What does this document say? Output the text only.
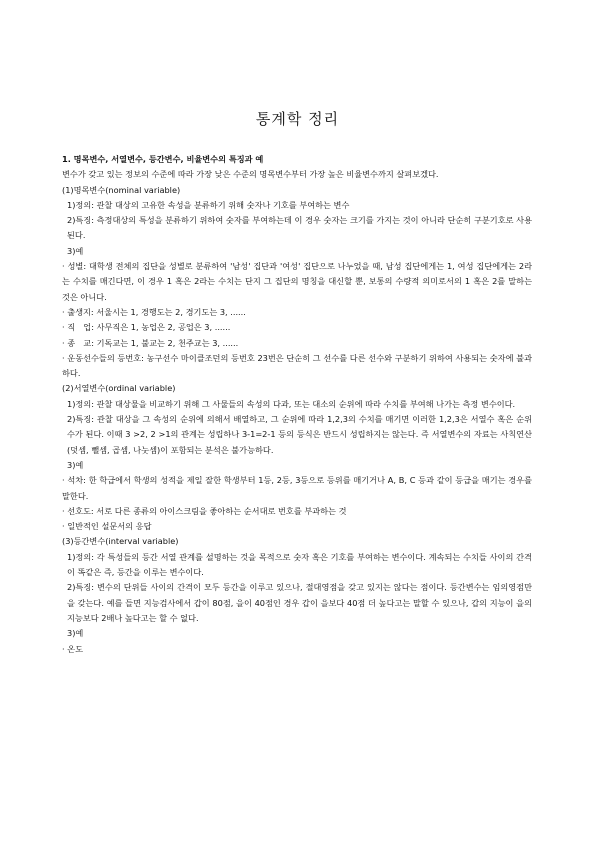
통계학 정리

1. 명목변수, 서열변수, 등간변수, 비율변수의 특징과 예

변수가 갖고 있는 정보의 수준에 따라 가장 낮은 수준의 명목변수부터 가장 높은 비율변수까지 살펴보겠다.

(1)명목변수(nominal variable)

1)정의: 관찰 대상의 고유한 속성을 분류하기 위해 숫자나 기호를 부여하는 변수

2)특징: 측정대상의 특성을 분류하기 위하여 숫자를 부여하는데 이 경우 숫자는 크기를 가지는 것이 아니라 단순히 구분기호로 사용된다.

3)예

· 성별: 대학생 전체의 집단을 성별로 분류하여 '남성' 집단과 '여성' 집단으로 나누었을 때, 남성 집단에게는 1, 여성 집단에게는 2라는 수치를 매긴다면, 이 경우 1 혹은 2라는 수치는 단지 그 집단의 명칭을 대신할 뿐, 보통의 수량적 의미로서의 1 혹은 2를 말하는 것은 아니다.

· 출생지: 서울시는 1, 경행도는 2, 경기도는 3, ......

· 직　업: 사무직은 1, 농업은 2, 공업은 3, ......

· 종　교: 기독교는 1, 불교는 2, 천주교는 3, ......

· 운동선수들의 등번호: 농구선수 마이클조던의 등번호 23번은 단순히 그 선수를 다른 선수와 구분하기 위하여 사용되는 숫자에 불과하다.

(2)서열변수(ordinal variable)

1)정의: 관찰 대상물을 비교하기 위해 그 사물들의 속성의 다과, 또는 대소의 순위에 따라 수치를 부여해 나가는 측정 변수이다.

2)특징: 관찰 대상을 그 속성의 순위에 의해서 배열하고, 그 순위에 따라 1,2,3의 수치를 매기면 이러한 1,2,3은 서열수 혹은 순위수가 된다. 이때 3 >2, 2 >1의 관계는 성립하나 3-1=2-1 등의 등식은 반드시 성립하지는 않는다. 즉 서열변수의 자료는 사칙연산(덧셈, 뺄셈, 곱셈, 나눗셈)이 포함되는 분석은 불가능하다.

3)예

· 석차: 한 학급에서 학생의 성적을 제일 잘한 학생부터 1등, 2등, 3등으로 등위를 매기거나 A, B, C 등과 같이 등급을 매기는 경우를 말한다.

· 선호도: 서로 다른 종류의 아이스크림을 좋아하는 순서대로 번호를 부과하는 것

· 일반적인 설문서의 응답

(3)등간변수(interval variable)

1)정의: 각 특성들의 등간 서열 관계를 설명하는 것을 목적으로 숫자 혹은 기호를 부여하는 변수이다. 계속되는 수치들 사이의 간격이 똑같은 즉, 등간을 이루는 변수이다.

2)특징: 변수의 단위들 사이의 간격이 모두 등간을 이루고 있으나, 절대영점을 갖고 있지는 않다는 점이다. 등간변수는 임의영점만을 갖는다. 예를 들면 지능검사에서 갑이 80점, 을이 40점인 경우 갑이 을보다 40점 더 높다고는 말할 수 있으나, 갑의 지능이 을의 지능보다 2배나 높다고는 할 수 없다.

3)예

· 온도
